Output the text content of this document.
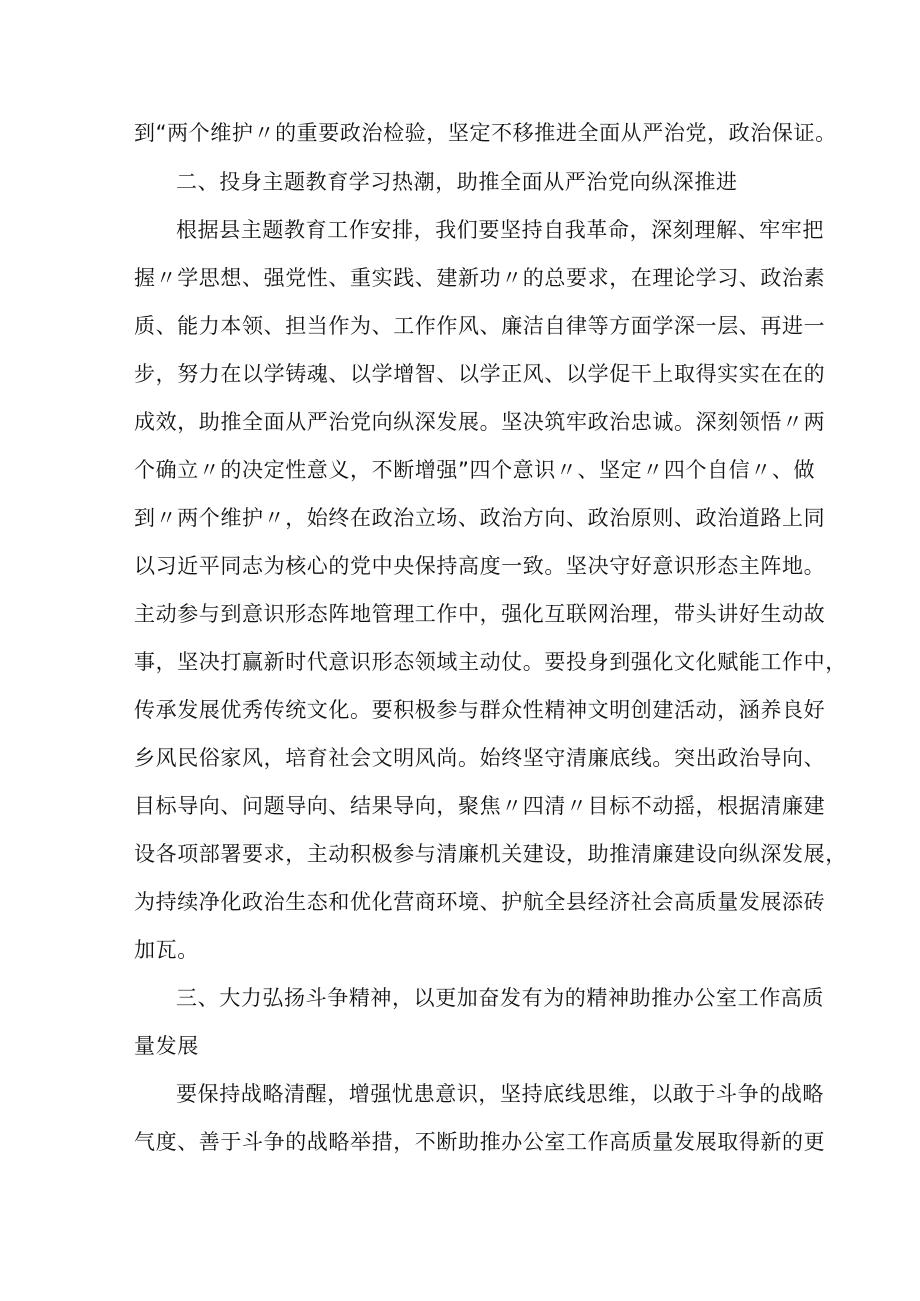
到“两个维护〃的重要政治检验，坚定不移推进全面从严治党，政治保证。
二、投身主题教育学习热潮，助推全面从严治党向纵深推进
根据县主题教育工作安排，我们要坚持自我革命，深刻理解、牢牢把
握〃学思想、强党性、重实践、建新功〃的总要求，在理论学习、政治素
质、能力本领、担当作为、工作作风、廉洁自律等方面学深一层、再进一
步，努力在以学铸魂、以学增智、以学正风、以学促干上取得实实在在的
成效，助推全面从严治党向纵深发展。坚决筑牢政治忠诚。深刻领悟〃两
个确立〃的决定性意义，不断增强”四个意识〃、坚定〃四个自信〃、做
到〃两个维护〃，始终在政治立场、政治方向、政治原则、政治道路上同
以习近平同志为核心的党中央保持高度一致。坚决守好意识形态主阵地。
主动参与到意识形态阵地管理工作中，强化互联网治理，带头讲好生动故
事，坚决打赢新时代意识形态领域主动仗。要投身到强化文化赋能工作中，
传承发展优秀传统文化。要积极参与群众性精神文明创建活动，涵养良好
乡风民俗家风，培育社会文明风尚。始终坚守清廉底线。突出政治导向、
目标导向、问题导向、结果导向，聚焦〃四清〃目标不动摇，根据清廉建
设各项部署要求，主动积极参与清廉机关建设，助推清廉建设向纵深发展，
为持续净化政治生态和优化营商环境、护航全县经济社会高质量发展添砖
加瓦。
三、大力弘扬斗争精神，以更加奋发有为的精神助推办公室工作高质
量发展
要保持战略清醒，增强忧患意识，坚持底线思维，以敢于斗争的战略
气度、善于斗争的战略举措，不断助推办公室工作高质量发展取得新的更
